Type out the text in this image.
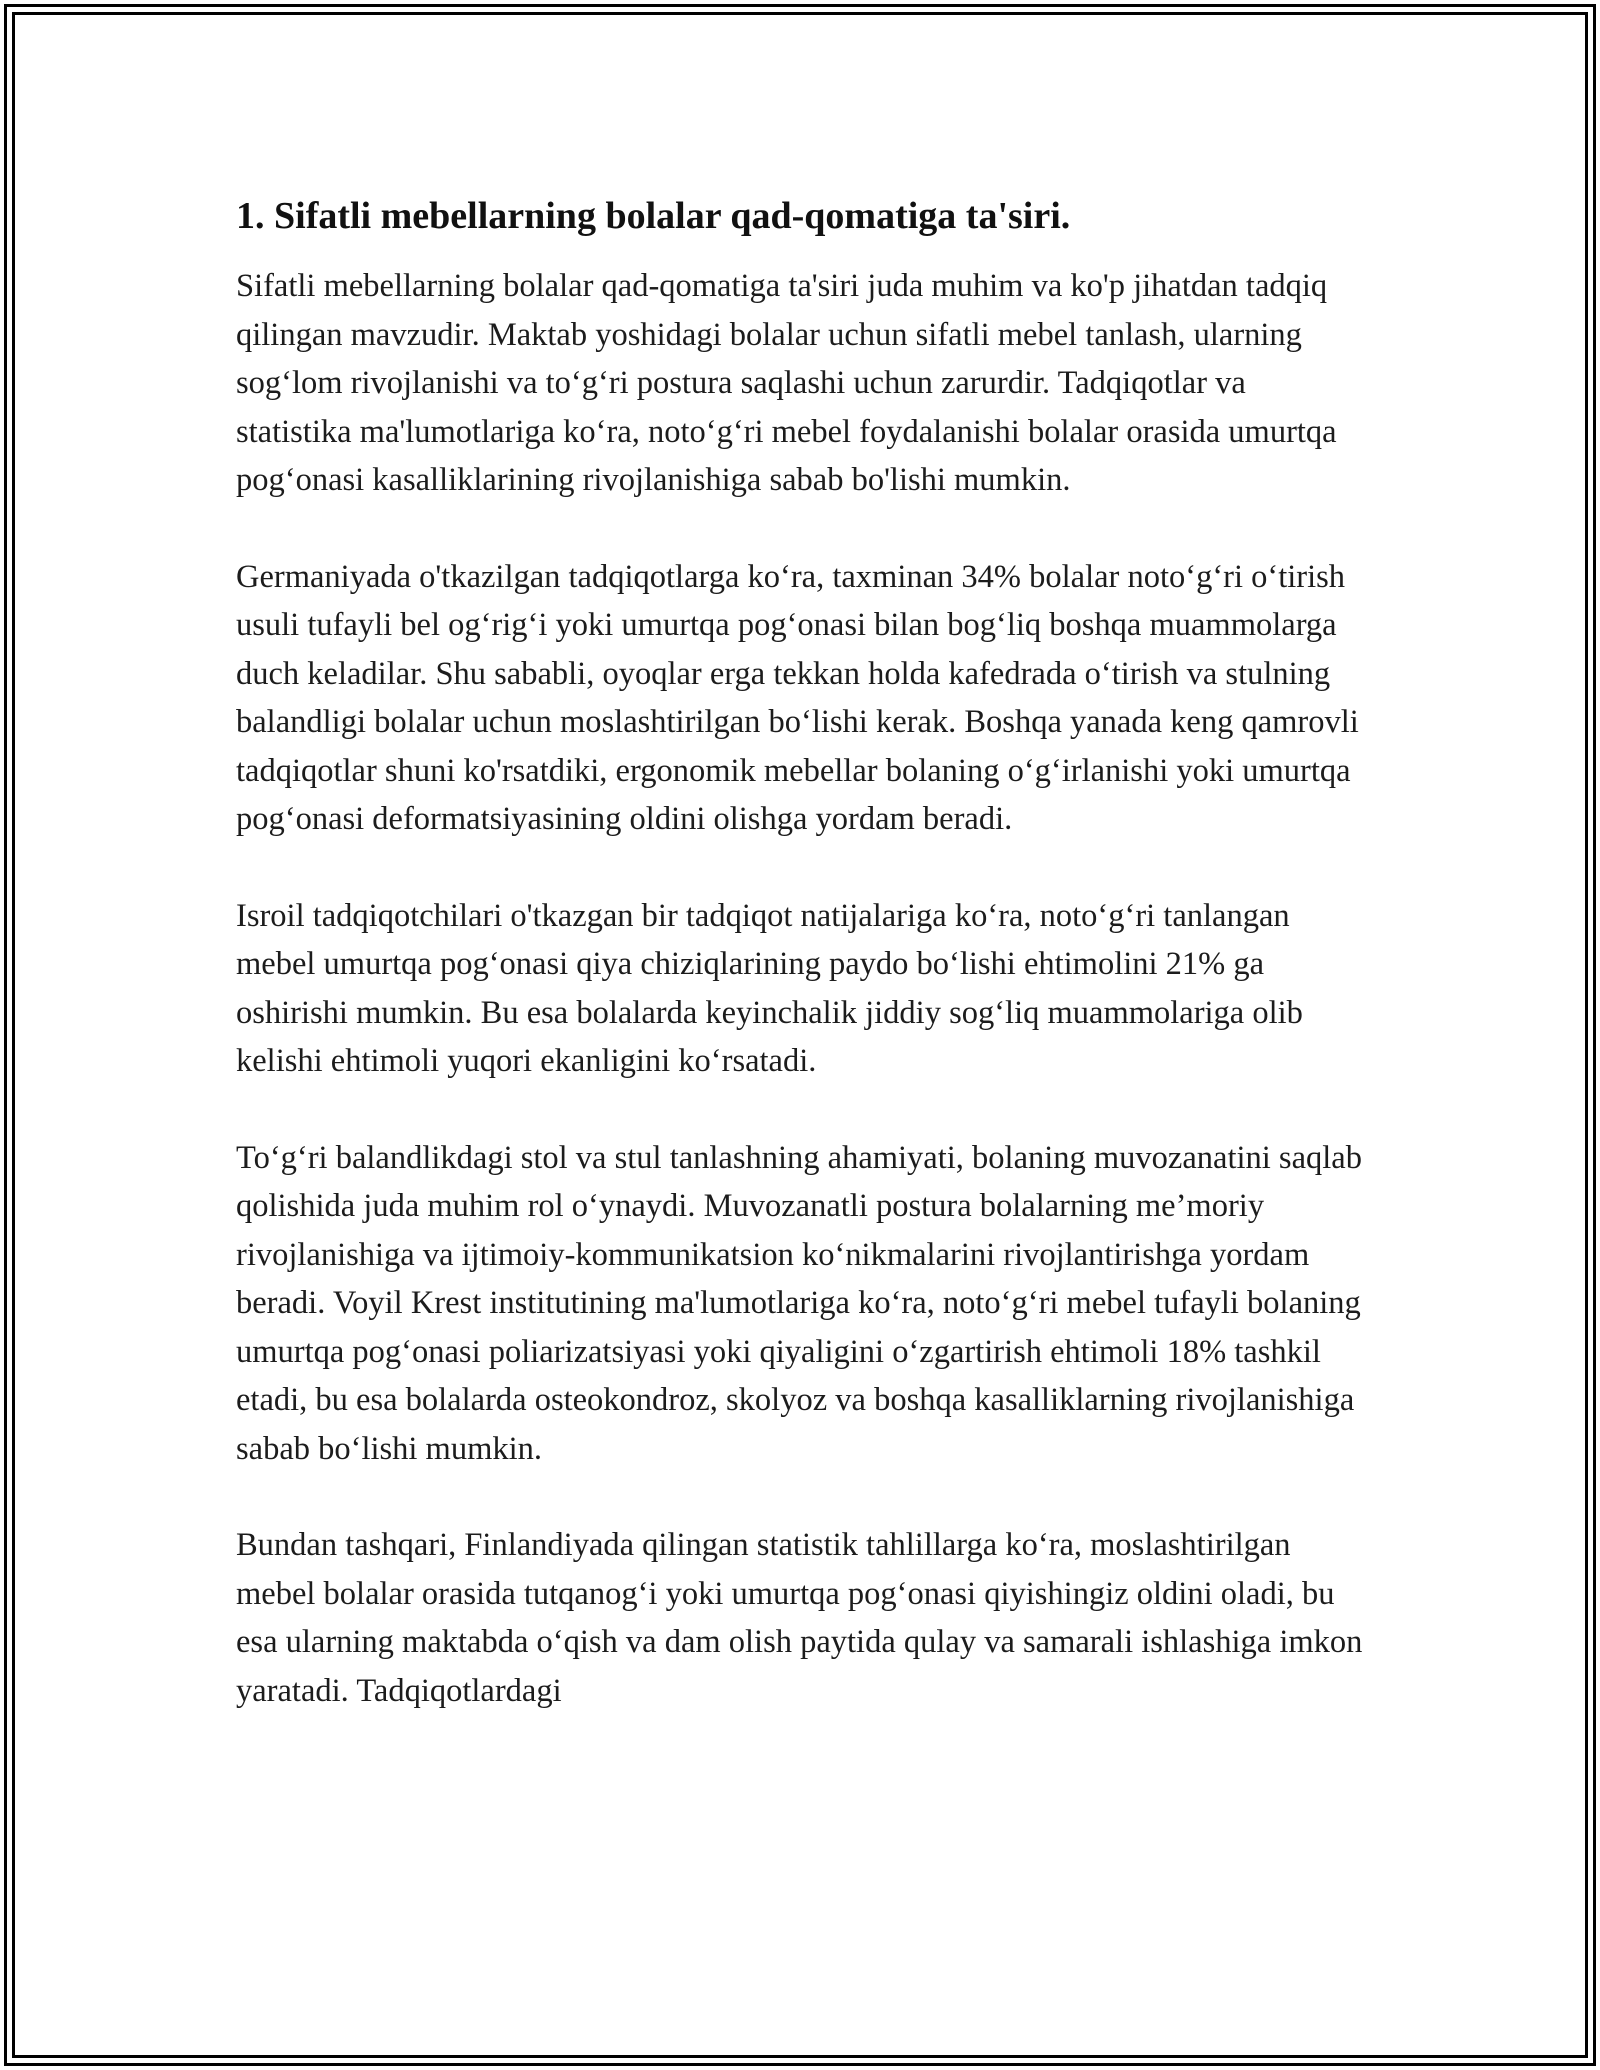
1. Sifatli mebellarning bolalar qad-qomatiga ta'siri.

Sifatli mebellarning bolalar qad-qomatiga ta'siri juda muhim va ko'p jihatdan tadqiq qilingan mavzudir. Maktab yoshidagi bolalar uchun sifatli mebel tanlash, ularning sogʻlom rivojlanishi va toʻgʻri postura saqlashi uchun zarurdir. Tadqiqotlar va statistika ma'lumotlariga koʻra, notoʻgʻri mebel foydalanishi bolalar orasida umurtqa pogʻonasi kasalliklarining rivojlanishiga sabab bo'lishi mumkin.

Germaniyada o'tkazilgan tadqiqotlarga koʻra, taxminan 34% bolalar notoʻgʻri oʻtirish usuli tufayli bel ogʻrigʻi yoki umurtqa pogʻonasi bilan bogʻliq boshqa muammolarga duch keladilar. Shu sababli, oyoqlar erga tekkan holda kafedrada oʻtirish va stulning balandligi bolalar uchun moslashtirilgan boʻlishi kerak. Boshqa yanada keng qamrovli tadqiqotlar shuni ko'rsatdiki, ergonomik mebellar bolaning oʻgʻirlanishi yoki umurtqa pogʻonasi deformatsiyasining oldini olishga yordam beradi.

Isroil tadqiqotchilari o'tkazgan bir tadqiqot natijalariga koʻra, notoʻgʻri tanlangan mebel umurtqa pogʻonasi qiya chiziqlarining paydo boʻlishi ehtimolini 21% ga oshirishi mumkin. Bu esa bolalarda keyinchalik jiddiy sogʻliq muammolariga olib kelishi ehtimoli yuqori ekanligini koʻrsatadi.

Toʻgʻri balandlikdagi stol va stul tanlashning ahamiyati, bolaning muvozanatini saqlab qolishida juda muhim rol oʻynaydi. Muvozanatli postura bolalarning me’moriy rivojlanishiga va ijtimoiy-kommunikatsion koʻnikmalarini rivojlantirishga yordam beradi. Voyil Krest institutining ma'lumotlariga koʻra, notoʻgʻri mebel tufayli bolaning umurtqa pogʻonasi poliarizatsiyasi yoki qiyaligini oʻzgartirish ehtimoli 18% tashkil etadi, bu esa bolalarda osteokondroz, skolyoz va boshqa kasalliklarning rivojlanishiga sabab boʻlishi mumkin.

Bundan tashqari, Finlandiyada qilingan statistik tahlillarga koʻra, moslashtirilgan mebel bolalar orasida tutqanogʻi yoki umurtqa pogʻonasi qiyishingiz oldini oladi, bu esa ularning maktabda oʻqish va dam olish paytida qulay va samarali ishlashiga imkon yaratadi. Tadqiqotlardagi
